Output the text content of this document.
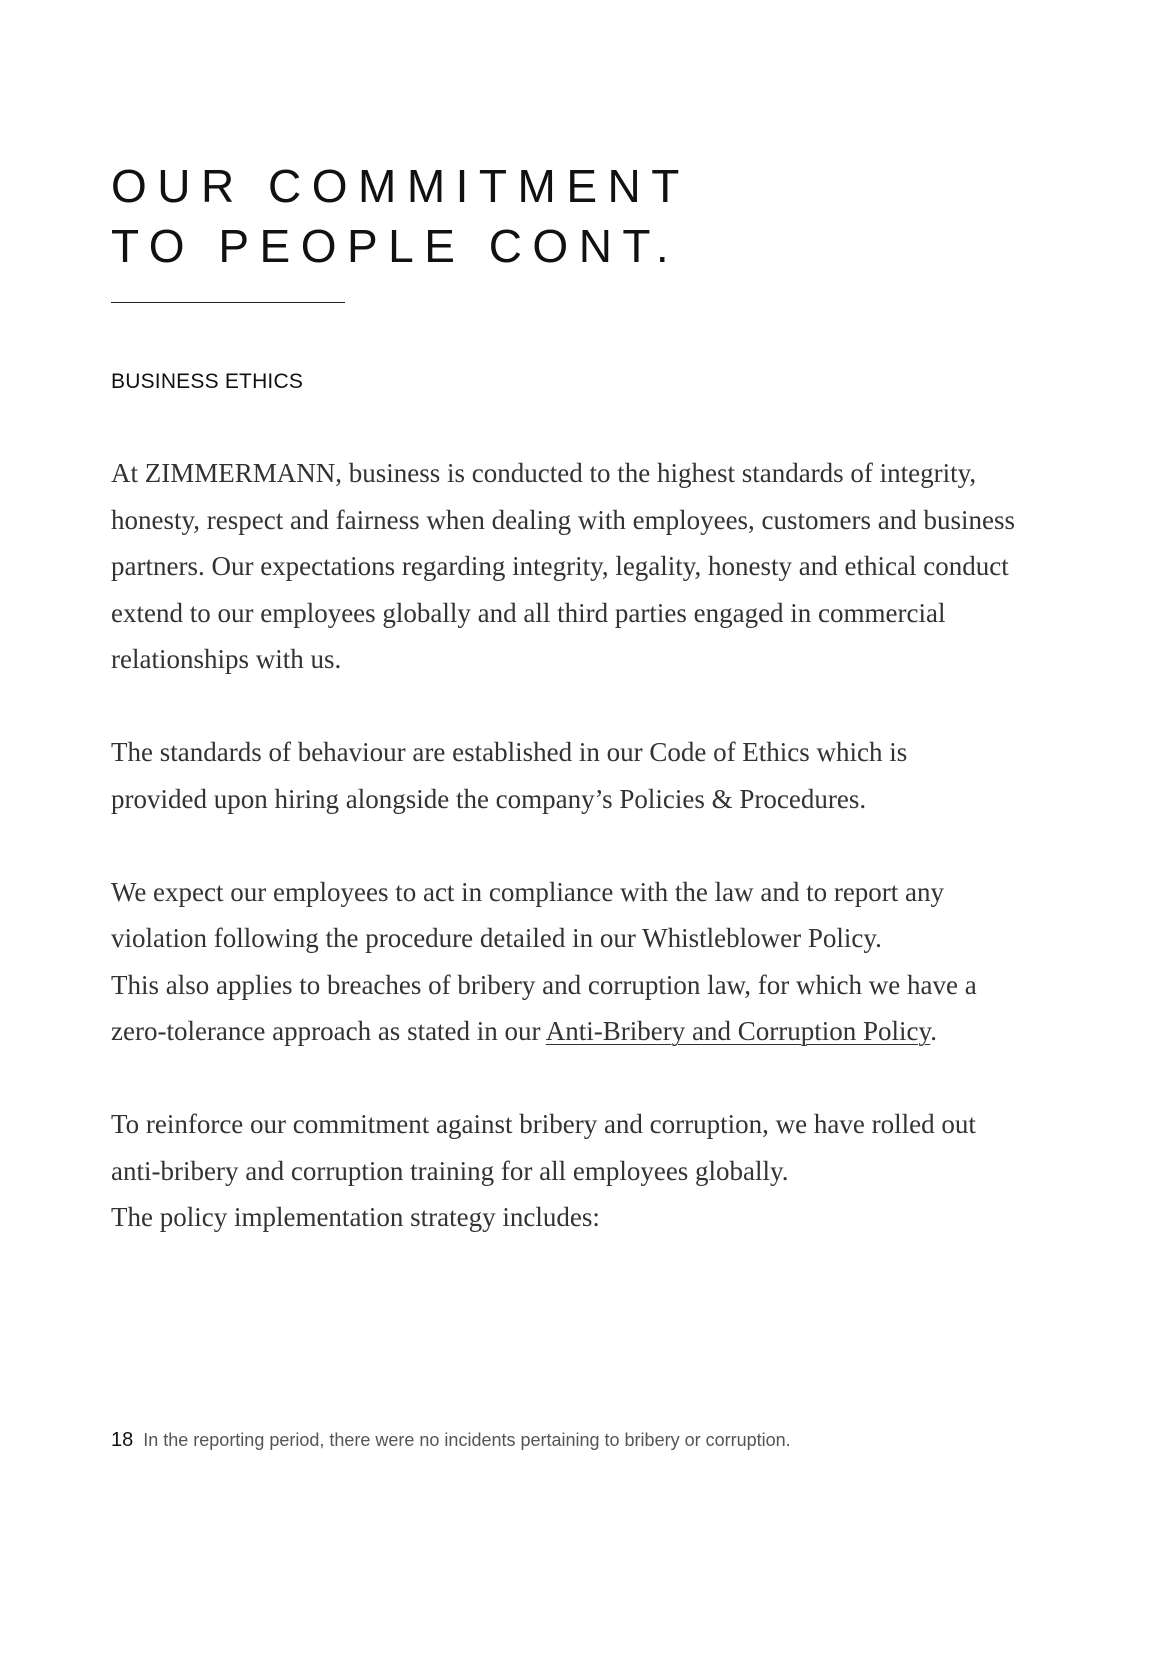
OUR COMMITMENT
TO PEOPLE CONT.
BUSINESS ETHICS

At ZIMMERMANN, business is conducted to the highest standards of integrity,
honesty, respect and fairness when dealing with employees, customers and business
partners. Our expectations regarding integrity, legality, honesty and ethical conduct
extend to our employees globally and all third parties engaged in commercial
relationships with us.

The standards of behaviour are established in our Code of Ethics which is
provided upon hiring alongside the company’s Policies & Procedures.

We expect our employees to act in compliance with the law and to report any
violation following the procedure detailed in our Whistleblower Policy.
This also applies to breaches of bribery and corruption law, for which we have a
zero-tolerance approach as stated in our Anti-Bribery and Corruption Policy.

To reinforce our commitment against bribery and corruption, we have rolled out
anti-bribery and corruption training for all employees globally.
The policy implementation strategy includes:

18 In the reporting period, there were no incidents pertaining to bribery or corruption.
